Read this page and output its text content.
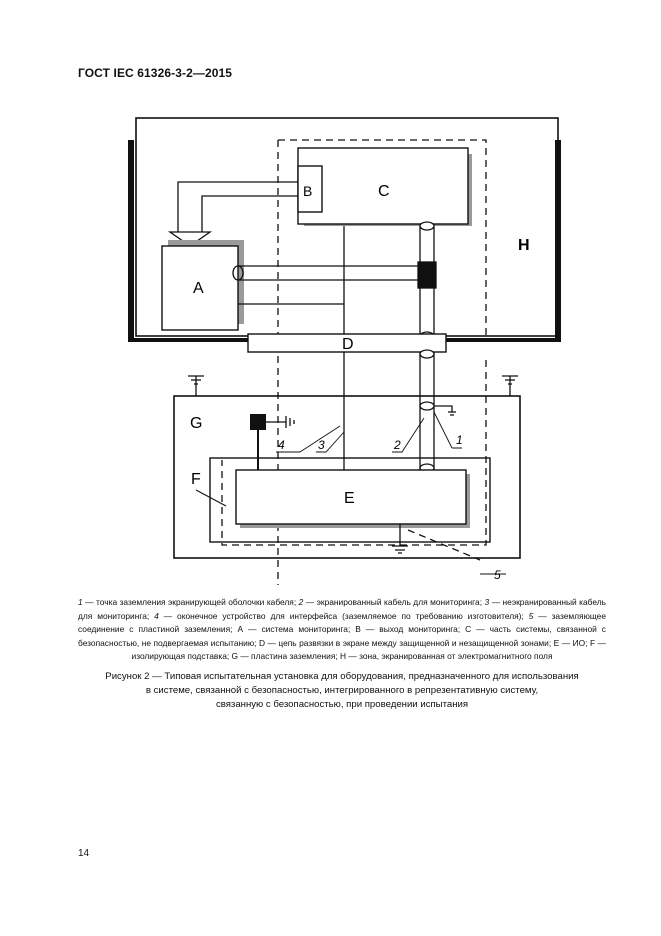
ГОСТ IEC 61326-3-2—2015
H
C
B
A
D
G
F
E
4	3	2	1
5
1 — точка заземления экранирующей оболочки кабеля; 2 — экранированный кабель для мониторинга; 3 — неэкранированный кабель для мониторинга; 4 — оконечное устройство для интерфейса (заземляемое по требованию изготовителя); 5 — заземляющее соединение с пластиной заземления; А — система мониторинга; В — выход мониторинга; С — часть системы, связанной с безопасностью, не подвергаемая испытанию; D — цепь развязки в экране между защищенной и незащищенной зонами; Е — ИО; F — изолирующая подставка; G — пластина заземления; Н — зона, экранированная от электромагнитного поля
Рисунок 2 — Типовая испытательная установка для оборудования, предназначенного для использования
в системе, связанной с безопасностью, интегрированного в репрезентативную систему,
связанную с безопасностью, при проведении испытания
14
